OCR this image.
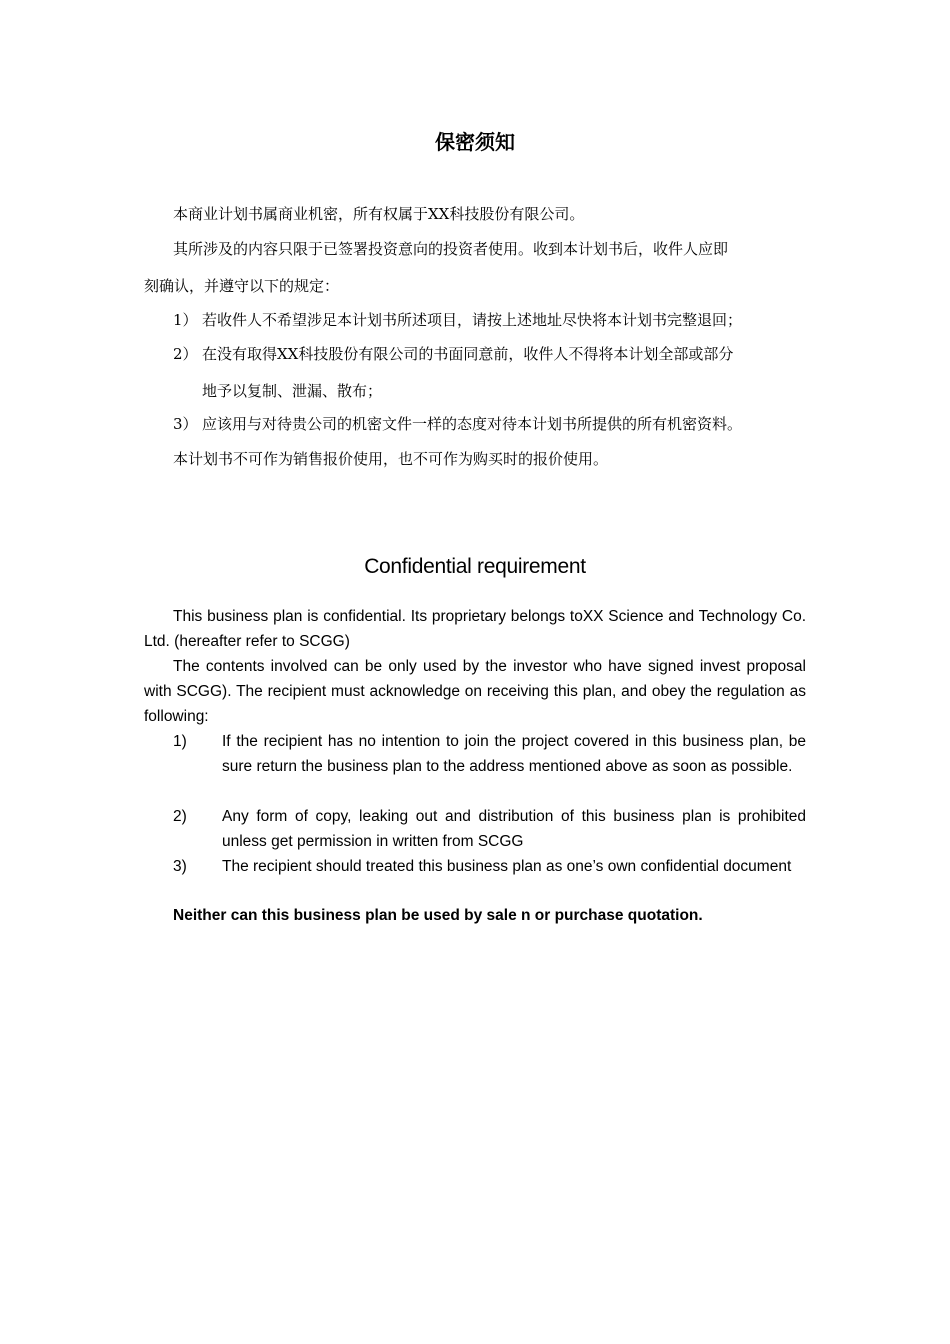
保密须知
本商业计划书属商业机密，所有权属于XX科技股份有限公司。
其所涉及的内容只限于已签署投资意向的投资者使用。收到本计划书后，收件人应即
刻确认，并遵守以下的规定：
1） 若收件人不希望涉足本计划书所述项目，请按上述地址尽快将本计划书完整退回；
2） 在没有取得XX科技股份有限公司的书面同意前，收件人不得将本计划全部或部分
地予以复制、泄漏、散布；
3） 应该用与对待贵公司的机密文件一样的态度对待本计划书所提供的所有机密资料。
本计划书不可作为销售报价使用，也不可作为购买时的报价使用。
Confidential requirement

This business plan is confidential. Its proprietary belongs toXX Science and Technology Co. Ltd. (hereafter refer to SCGG)

The contents involved can be only used by the investor who have signed invest proposal with SCGG). The recipient must acknowledge on receiving this plan, and obey the regulation as following:

1) If the recipient has no intention to join the project covered in this business plan, be sure return the business plan to the address mentioned above as soon as possible.
2) Any form of copy, leaking out and distribution of this business plan is prohibited unless get permission in written from SCGG
3) The recipient should treated this business plan as one’s own confidential document
Neither can this business plan be used by sale n or purchase quotation.
